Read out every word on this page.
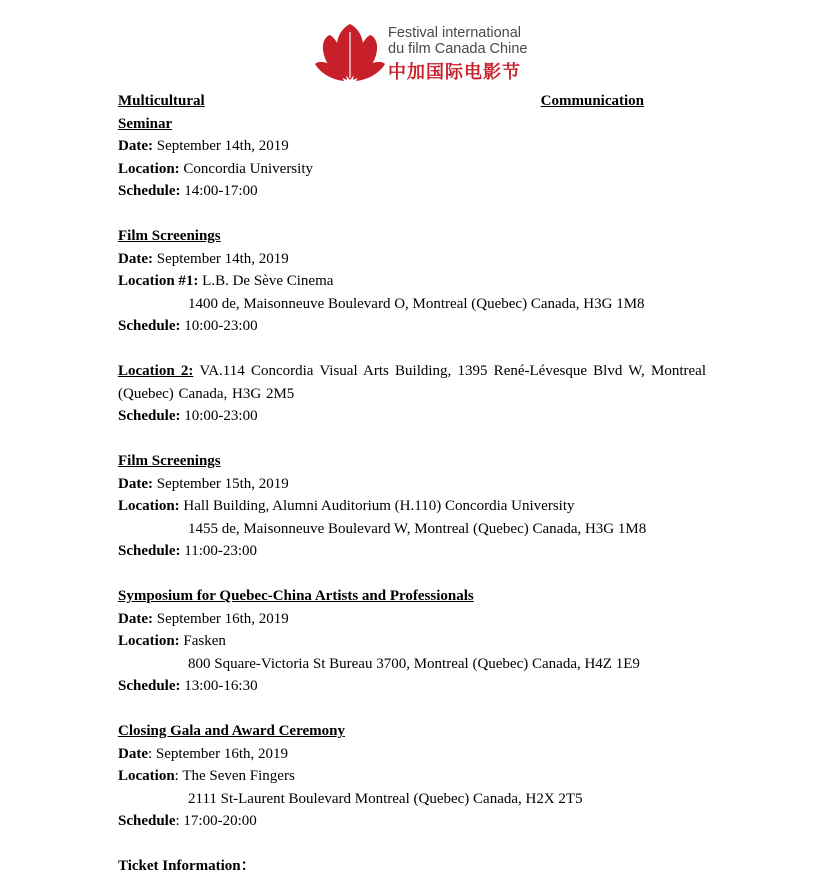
Festival international
du film Canada Chine
中加国际电影节
Multicultural	Communication
Seminar
Date: September 14th, 2019
Location: Concordia University
Schedule: 14:00-17:00
Film Screenings
Date: September 14th, 2019
Location #1: L.B. De Sève Cinema
1400 de, Maisonneuve Boulevard O, Montreal (Quebec) Canada, H3G 1M8
Schedule: 10:00-23:00
Location 2: VA.114 Concordia Visual Arts Building, 1395 René-Lévesque Blvd W, Montreal (Quebec) Canada, H3G 2M5
Schedule: 10:00-23:00
Film Screenings
Date: September 15th, 2019
Location: Hall Building, Alumni Auditorium (H.110) Concordia University
1455 de, Maisonneuve Boulevard W, Montreal (Quebec) Canada, H3G 1M8
Schedule: 11:00-23:00
Symposium for Quebec-China Artists and Professionals
Date: September 16th, 2019
Location: Fasken
800 Square-Victoria St Bureau 3700, Montreal (Quebec) Canada, H4Z 1E9
Schedule: 13:00-16:30
Closing Gala and Award Ceremony
Date: September 16th, 2019
Location: The Seven Fingers
2111 St-Laurent Boulevard Montreal (Quebec) Canada, H2X 2T5
Schedule: 17:00-20:00
Ticket Information：
